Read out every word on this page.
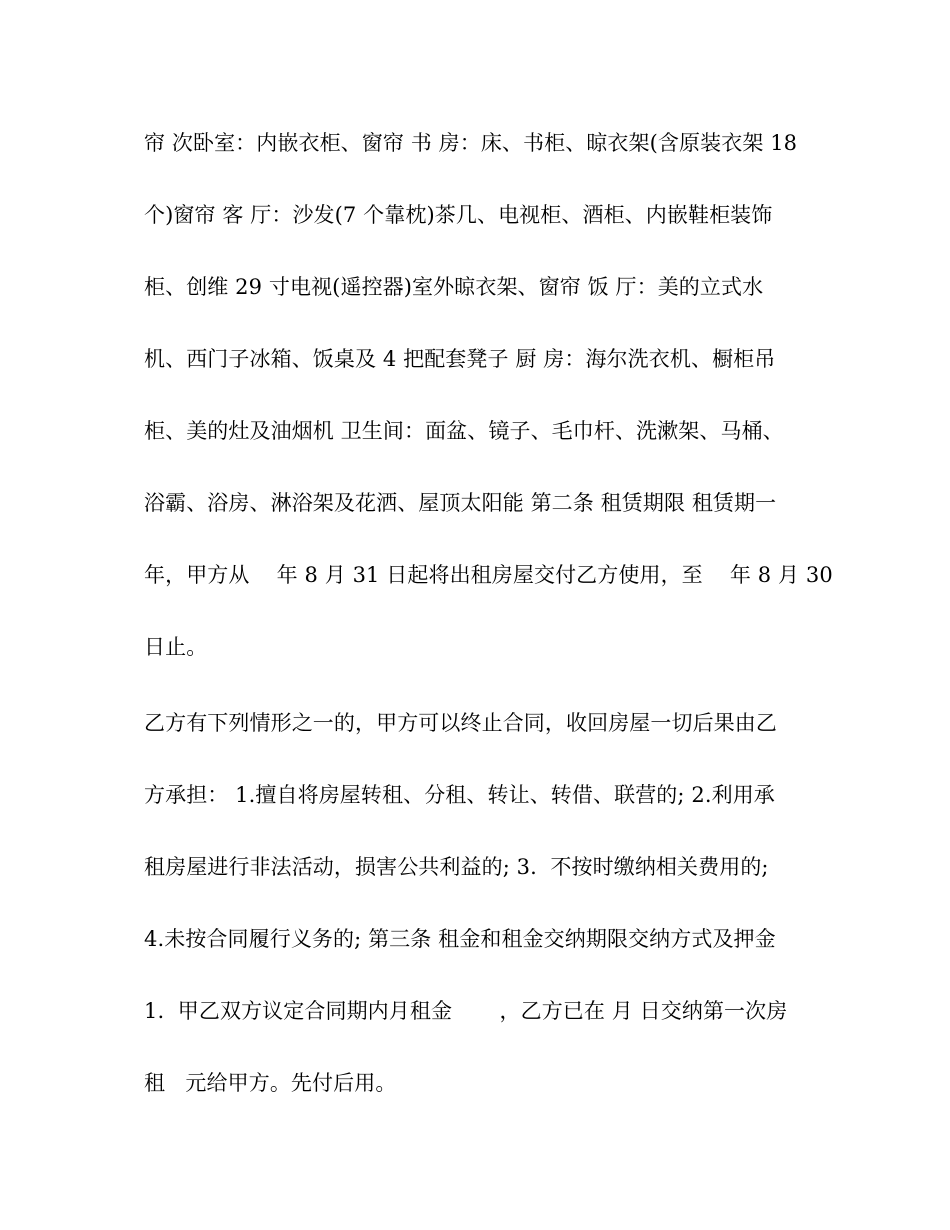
帘 次卧室：内嵌衣柜、窗帘 书 房：床、书柜、晾衣架(含原装衣架 18
个)窗帘 客 厅：沙发(7 个靠枕)茶几、电视柜、酒柜、内嵌鞋柜装饰
柜、创维 29 寸电视(遥控器)室外晾衣架、窗帘 饭 厅：美的立式水
机、西门子冰箱、饭桌及 4 把配套凳子 厨 房：海尔洗衣机、橱柜吊
柜、美的灶及油烟机 卫生间：面盆、镜子、毛巾杆、洗漱架、马桶、
浴霸、浴房、淋浴架及花洒、屋顶太阳能 第二条 租赁期限 租赁期一
年，甲方从    年 8 月 31 日起将出租房屋交付乙方使用，至    年 8 月 30
日止。
乙方有下列情形之一的，甲方可以终止合同，收回房屋一切后果由乙
方承担： 1.擅自将房屋转租、分租、转让、转借、联营的; 2.利用承
租房屋进行非法活动，损害公共利益的; 3.  不按时缴纳相关费用的;
4.未按合同履行义务的; 第三条 租金和租金交纳期限交纳方式及押金
1.  甲乙双方议定合同期内月租金       ，乙方已在 月 日交纳第一次房
租   元给甲方。先付后用。
